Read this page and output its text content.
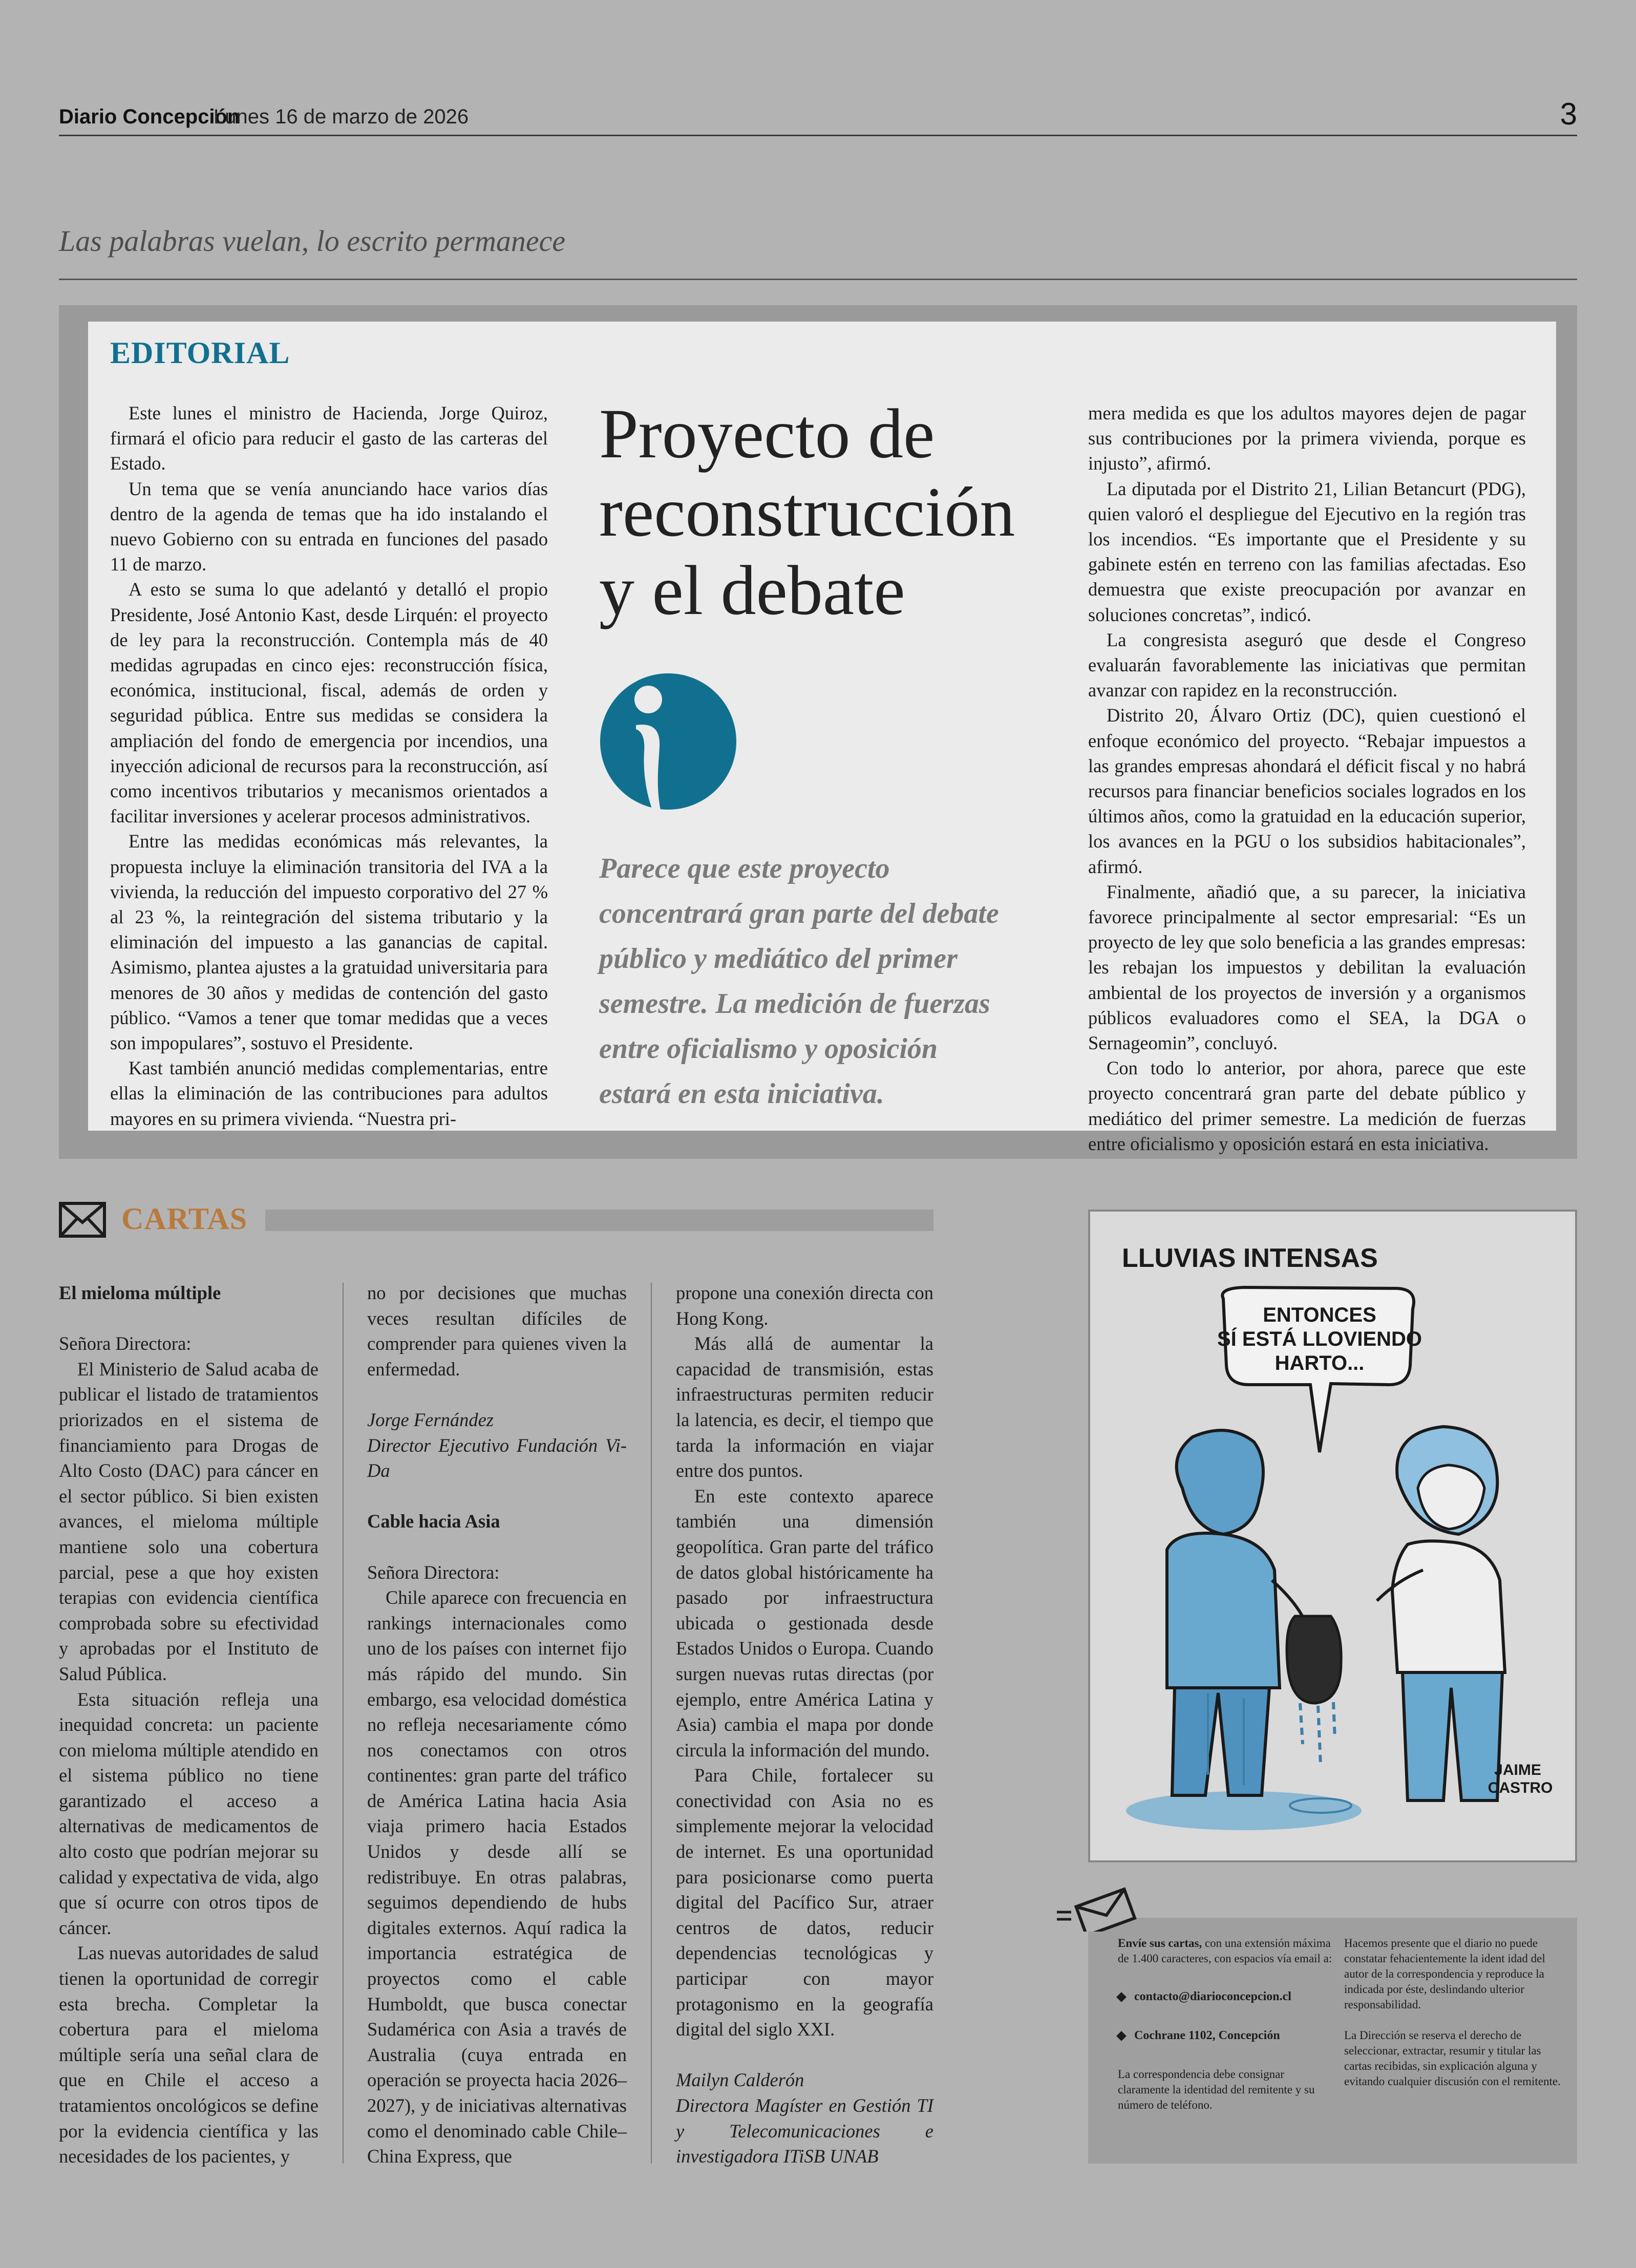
Diario Concepción
Lunes 16 de marzo de 2026	3
Las palabras vuelan, lo escrito permanece
EDITORIAL

Este lunes el ministro de Hacienda, Jorge Quiroz, firmará el oficio para reducir el gasto de las carteras del Estado.

Un tema que se venía anunciando hace varios días dentro de la agenda de temas que ha ido instalando el nuevo Gobierno con su entrada en funciones del pasado 11 de marzo.

A esto se suma lo que adelantó y detalló el propio Presidente, José Antonio Kast, desde Lirquén: el proyecto de ley para la reconstrucción. Contempla más de 40 medidas agrupadas en cinco ejes: reconstrucción física, económica, institucional, fiscal, además de orden y seguridad pública. Entre sus medidas se considera la ampliación del fondo de emergencia por incendios, una inyección adicional de recursos para la reconstrucción, así como incentivos tributarios y mecanismos orientados a facilitar inversiones y acelerar procesos administrativos.

Entre las medidas económicas más relevantes, la propuesta incluye la eliminación transitoria del IVA a la vivienda, la reducción del impuesto corporativo del 27 % al 23 %, la reintegración del sistema tributario y la eliminación del impuesto a las ganancias de capital. Asimismo, plantea ajustes a la gratuidad universitaria para menores de 30 años y medidas de contención del gasto público. “Vamos a tener que tomar medidas que a veces son impopulares”, sostuvo el Presidente.

Kast también anunció medidas complementarias, entre ellas la eliminación de las contribuciones para adultos mayores en su primera vivienda. “Nuestra pri-

Proyecto de
reconstrucción
y el debate
Parece que este proyecto
concentrará gran parte del debate
público y mediático del primer
semestre. La medición de fuerzas
entre oficialismo y oposición
estará en esta iniciativa.

mera medida es que los adultos mayores dejen de pagar sus contribuciones por la primera vivienda, porque es injusto”, afirmó.

La diputada por el Distrito 21, Lilian Betancurt (PDG), quien valoró el despliegue del Ejecutivo en la región tras los incendios. “Es importante que el Presidente y su gabinete estén en terreno con las familias afectadas. Eso demuestra que existe preocupación por avanzar en soluciones concretas”, indicó.

La congresista aseguró que desde el Congreso evaluarán favorablemente las iniciativas que permitan avanzar con rapidez en la reconstrucción.

Distrito 20, Álvaro Ortiz (DC), quien cuestionó el enfoque económico del proyecto. “Rebajar impuestos a las grandes empresas ahondará el déficit fiscal y no habrá recursos para financiar beneficios sociales logrados en los últimos años, como la gratuidad en la educación superior, los avances en la PGU o los subsidios habitacionales”, afirmó.

Finalmente, añadió que, a su parecer, la iniciativa favorece principalmente al sector empresarial: “Es un proyecto de ley que solo beneficia a las grandes empresas: les rebajan los impuestos y debilitan la evaluación ambiental de los proyectos de inversión y a organismos públicos evaluadores como el SEA, la DGA o Sernageomin”, concluyó.

Con todo lo anterior, por ahora, parece que este proyecto concentrará gran parte del debate público y mediático del primer semestre. La medición de fuerzas entre oficialismo y oposición estará en esta iniciativa.

CARTAS

El mieloma múltiple

Señora Directora:

El Ministerio de Salud acaba de publicar el listado de tratamientos priorizados en el sistema de financiamiento para Drogas de Alto Costo (DAC) para cáncer en el sector público. Si bien existen avances, el mieloma múltiple mantiene solo una cobertura parcial, pese a que hoy existen terapias con evidencia científica comprobada sobre su efectividad y aprobadas por el Instituto de Salud Pública.

Esta situación refleja una inequidad concreta: un paciente con mieloma múltiple atendido en el sistema público no tiene garantizado el acceso a alternativas de medicamentos de alto costo que podrían mejorar su calidad y expectativa de vida, algo que sí ocurre con otros tipos de cáncer.

Las nuevas autoridades de salud tienen la oportunidad de corregir esta brecha. Completar la cobertura para el mieloma múltiple sería una señal clara de que en Chile el acceso a tratamientos oncológicos se define por la evidencia científica y las necesidades de los pacientes, y

no por decisiones que muchas veces resultan difíciles de comprender para quienes viven la enfermedad.

Jorge Fernández

Director Ejecutivo Fundación Vi-Da

Cable hacia Asia

Señora Directora:

Chile aparece con frecuencia en rankings internacionales como uno de los países con internet fijo más rápido del mundo. Sin embargo, esa velocidad doméstica no refleja necesariamente cómo nos conectamos con otros continentes: gran parte del tráfico de América Latina hacia Asia viaja primero hacia Estados Unidos y desde allí se redistribuye. En otras palabras, seguimos dependiendo de hubs digitales externos. Aquí radica la importancia estratégica de proyectos como el cable Humboldt, que busca conectar Sudamérica con Asia a través de Australia (cuya entrada en operación se proyecta hacia 2026–2027), y de iniciativas alternativas como el denominado cable Chile–China Express, que

propone una conexión directa con Hong Kong.

Más allá de aumentar la capacidad de transmisión, estas infraestructuras permiten reducir la latencia, es decir, el tiempo que tarda la información en viajar entre dos puntos.

En este contexto aparece también una dimensión geopolítica. Gran parte del tráfico de datos global históricamente ha pasado por infraestructura ubicada o gestionada desde Estados Unidos o Europa. Cuando surgen nuevas rutas directas (por ejemplo, entre América Latina y Asia) cambia el mapa por donde circula la información del mundo.

Para Chile, fortalecer su conectividad con Asia no es simplemente mejorar la velocidad de internet. Es una oportunidad para posicionarse como puerta digital del Pacífico Sur, atraer centros de datos, reducir dependencias tecnológicas y participar con mayor protagonismo en la geografía digital del siglo XXI.

Mailyn Calderón

Directora Magíster en Gestión TI y Telecomunicaciones e investigadora ITiSB UNAB

LLUVIAS INTENSAS
ENTONCES
SÍ ESTÁ LLOVIENDO
HARTO...
JAIME
CASTRO
Envíe sus cartas, con una extensión máxima de 1.400 caracteres, con espacios vía email a:
contacto@diarioconcepcion.cl
Cochrane 1102, Concepción
La correspondencia debe consignar claramente la identidad del remitente y su número de teléfono.
Hacemos presente que el diario no puede constatar fehacientemente la ident idad del autor de la correspondencia y reproduce la indicada por éste, deslindando ulterior responsabilidad.
La Dirección se reserva el derecho de seleccionar, extractar, resumir y titular las cartas recibidas, sin explicación alguna y evitando cualquier discusión con el remitente.
